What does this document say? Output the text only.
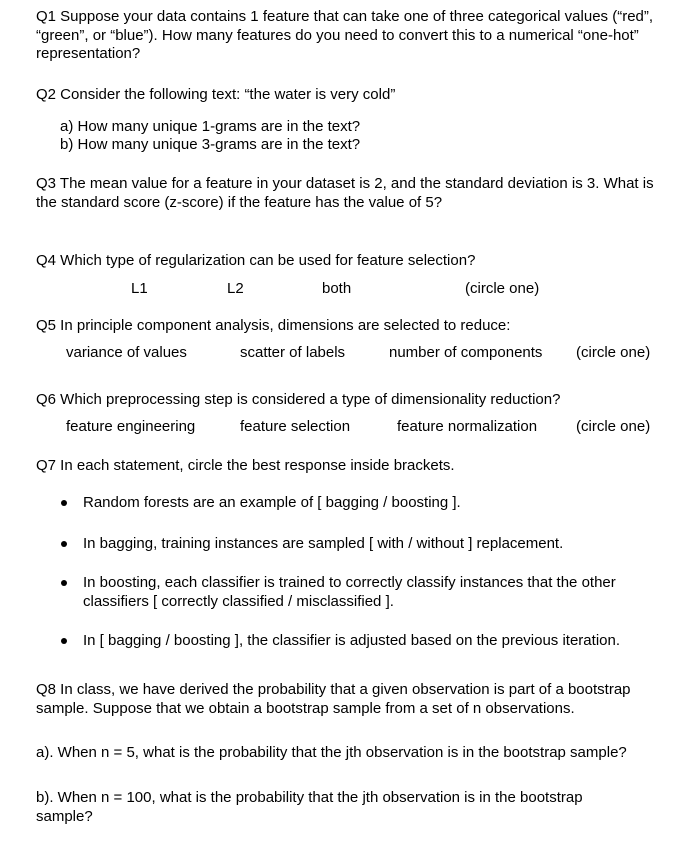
Q1 Suppose your data contains 1 feature that can take one of three categorical values (“red”, “green”, or “blue”). How many features do you need to convert this to a numerical “one-hot” representation?
Q2 Consider the following text: “the water is very cold”
a) How many unique 1-grams are in the text?
b) How many unique 3-grams are in the text?
Q3 The mean value for a feature in your dataset is 2, and the standard deviation is 3. What is the standard score (z-score) if the feature has the value of 5?
Q4 Which type of regularization can be used for feature selection?
L1	L2	both	(circle one)
Q5 In principle component analysis, dimensions are selected to reduce:
variance of values	scatter of labels	number of components (circle one)
Q6 Which preprocessing step is considered a type of dimensionality reduction?
feature engineering	feature selection	feature normalization	(circle one)
Q7 In each statement, circle the best response inside brackets.
Random forests are an example of [ bagging / boosting ].
In bagging, training instances are sampled [ with / without ] replacement.
In boosting, each classifier is trained to correctly classify instances that the other classifiers [ correctly classified / misclassified ].
In [ bagging / boosting ], the classifier is adjusted based on the previous iteration.
Q8 In class, we have derived the probability that a given observation is part of a bootstrap sample. Suppose that we obtain a bootstrap sample from a set of n observations.
a). When n = 5, what is the probability that the jth observation is in the bootstrap sample?
b). When n = 100, what is the probability that the jth observation is in the bootstrap sample?
